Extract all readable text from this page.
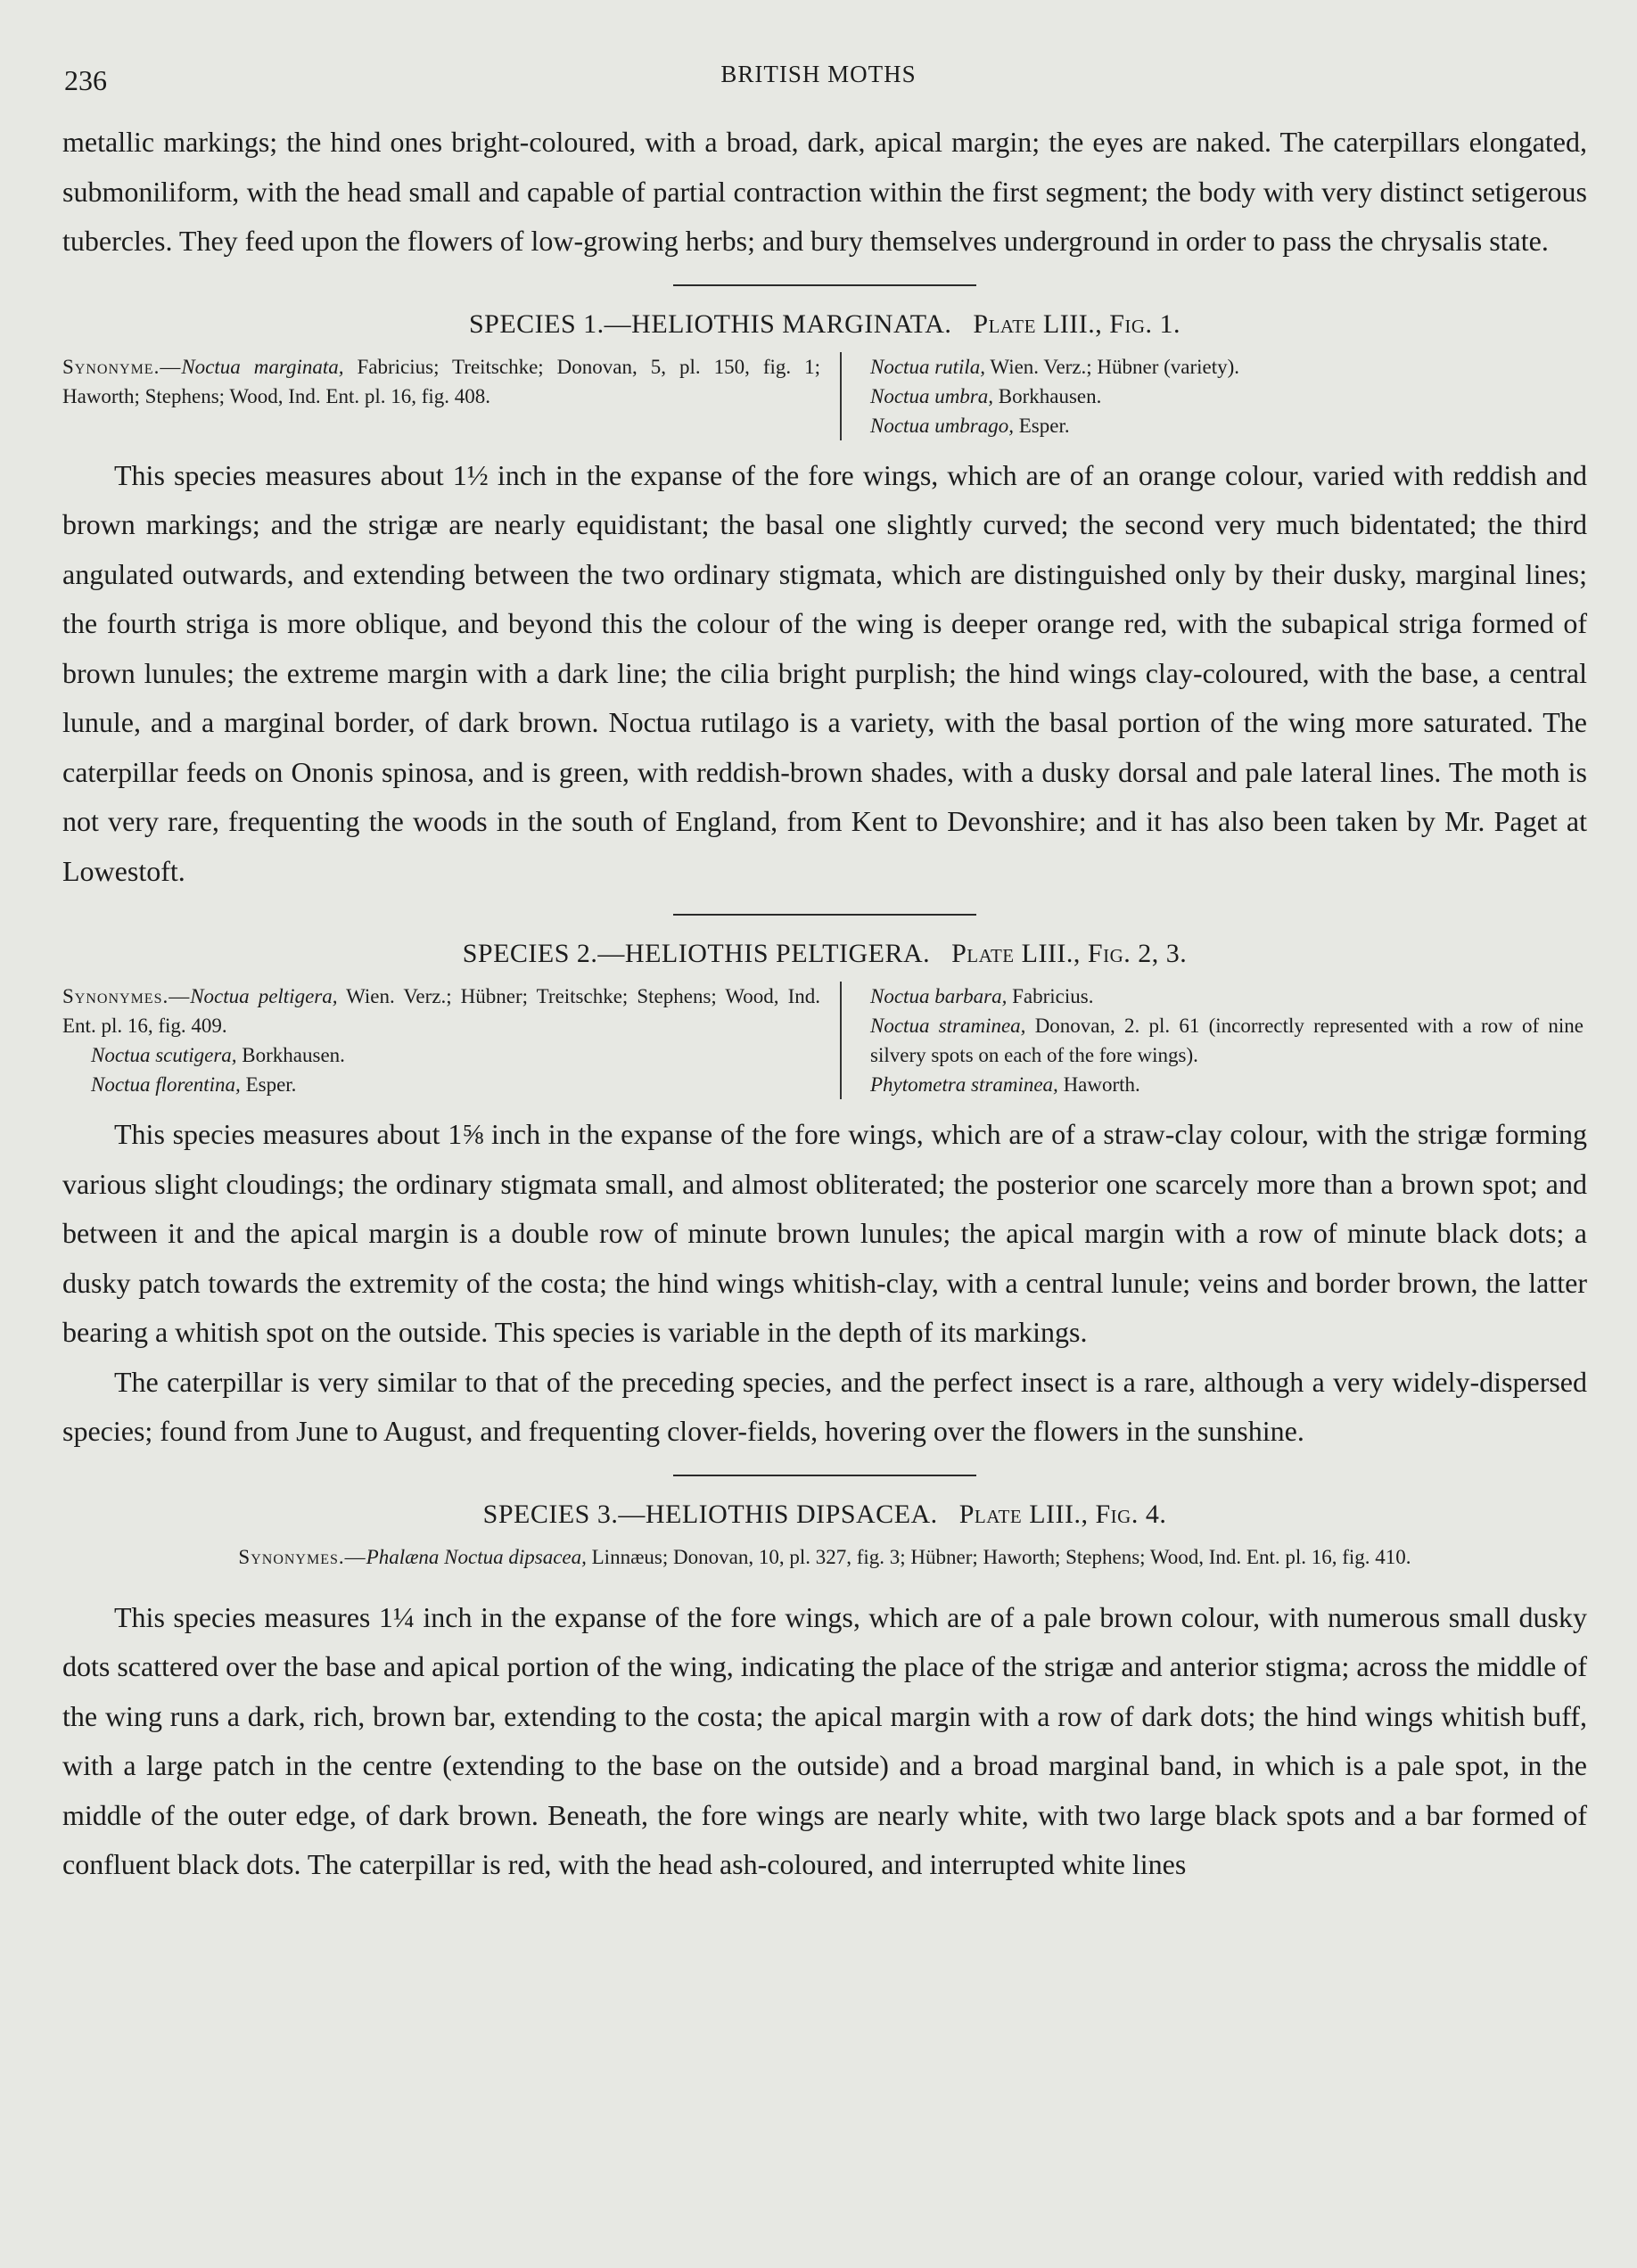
236	BRITISH MOTHS

metallic markings; the hind ones bright-coloured, with a broad, dark, apical margin; the eyes are naked. The caterpillars elongated, submoniliform, with the head small and capable of partial contraction within the first segment; the body with very distinct setigerous tubercles. They feed upon the flowers of low-growing herbs; and bury themselves underground in order to pass the chrysalis state.

SPECIES 1.—HELIOTHIS MARGINATA. Plate LIII., Fig. 1.
Synonyme.—Noctua marginata, Fabricius; Treitschke; Donovan, 5, pl. 150, fig. 1; Haworth; Stephens; Wood, Ind. Ent. pl. 16, fig. 408.
Noctua rutila, Wien. Verz.; Hübner (variety).
Noctua umbra, Borkhausen.
Noctua umbrago, Esper.

This species measures about 1½ inch in the expanse of the fore wings, which are of an orange colour, varied with reddish and brown markings; and the strigæ are nearly equidistant; the basal one slightly curved; the second very much bidentated; the third angulated outwards, and extending between the two ordinary stigmata, which are distinguished only by their dusky, marginal lines; the fourth striga is more oblique, and beyond this the colour of the wing is deeper orange red, with the subapical striga formed of brown lunules; the extreme margin with a dark line; the cilia bright purplish; the hind wings clay-coloured, with the base, a central lunule, and a marginal border, of dark brown. Noctua rutilago is a variety, with the basal portion of the wing more saturated. The caterpillar feeds on Ononis spinosa, and is green, with reddish-brown shades, with a dusky dorsal and pale lateral lines. The moth is not very rare, frequenting the woods in the south of England, from Kent to Devonshire; and it has also been taken by Mr. Paget at Lowestoft.

SPECIES 2.—HELIOTHIS PELTIGERA. Plate LIII., Fig. 2, 3.
Synonymes.—Noctua peltigera, Wien. Verz.; Hübner; Treitschke; Stephens; Wood, Ind. Ent. pl. 16, fig. 409.
Noctua scutigera, Borkhausen.
Noctua florentina, Esper.
Noctua barbara, Fabricius.
Noctua straminea, Donovan, 2. pl. 61 (incorrectly represented with a row of nine silvery spots on each of the fore wings).
Phytometra straminea, Haworth.

This species measures about 1⅝ inch in the expanse of the fore wings, which are of a straw-clay colour, with the strigæ forming various slight cloudings; the ordinary stigmata small, and almost obliterated; the posterior one scarcely more than a brown spot; and between it and the apical margin is a double row of minute brown lunules; the apical margin with a row of minute black dots; a dusky patch towards the extremity of the costa; the hind wings whitish-clay, with a central lunule; veins and border brown, the latter bearing a whitish spot on the outside. This species is variable in the depth of its markings.

The caterpillar is very similar to that of the preceding species, and the perfect insect is a rare, although a very widely-dispersed species; found from June to August, and frequenting clover-fields, hovering over the flowers in the sunshine.

SPECIES 3.—HELIOTHIS DIPSACEA. Plate LIII., Fig. 4.
Synonymes.—Phalæna Noctua dipsacea, Linnæus; Donovan, 10, pl. 327, fig. 3; Hübner; Haworth; Stephens; Wood, Ind. Ent. pl. 16, fig. 410.

This species measures 1¼ inch in the expanse of the fore wings, which are of a pale brown colour, with numerous small dusky dots scattered over the base and apical portion of the wing, indicating the place of the strigæ and anterior stigma; across the middle of the wing runs a dark, rich, brown bar, extending to the costa; the apical margin with a row of dark dots; the hind wings whitish buff, with a large patch in the centre (extending to the base on the outside) and a broad marginal band, in which is a pale spot, in the middle of the outer edge, of dark brown. Beneath, the fore wings are nearly white, with two large black spots and a bar formed of confluent black dots. The caterpillar is red, with the head ash-coloured, and interrupted white lines
